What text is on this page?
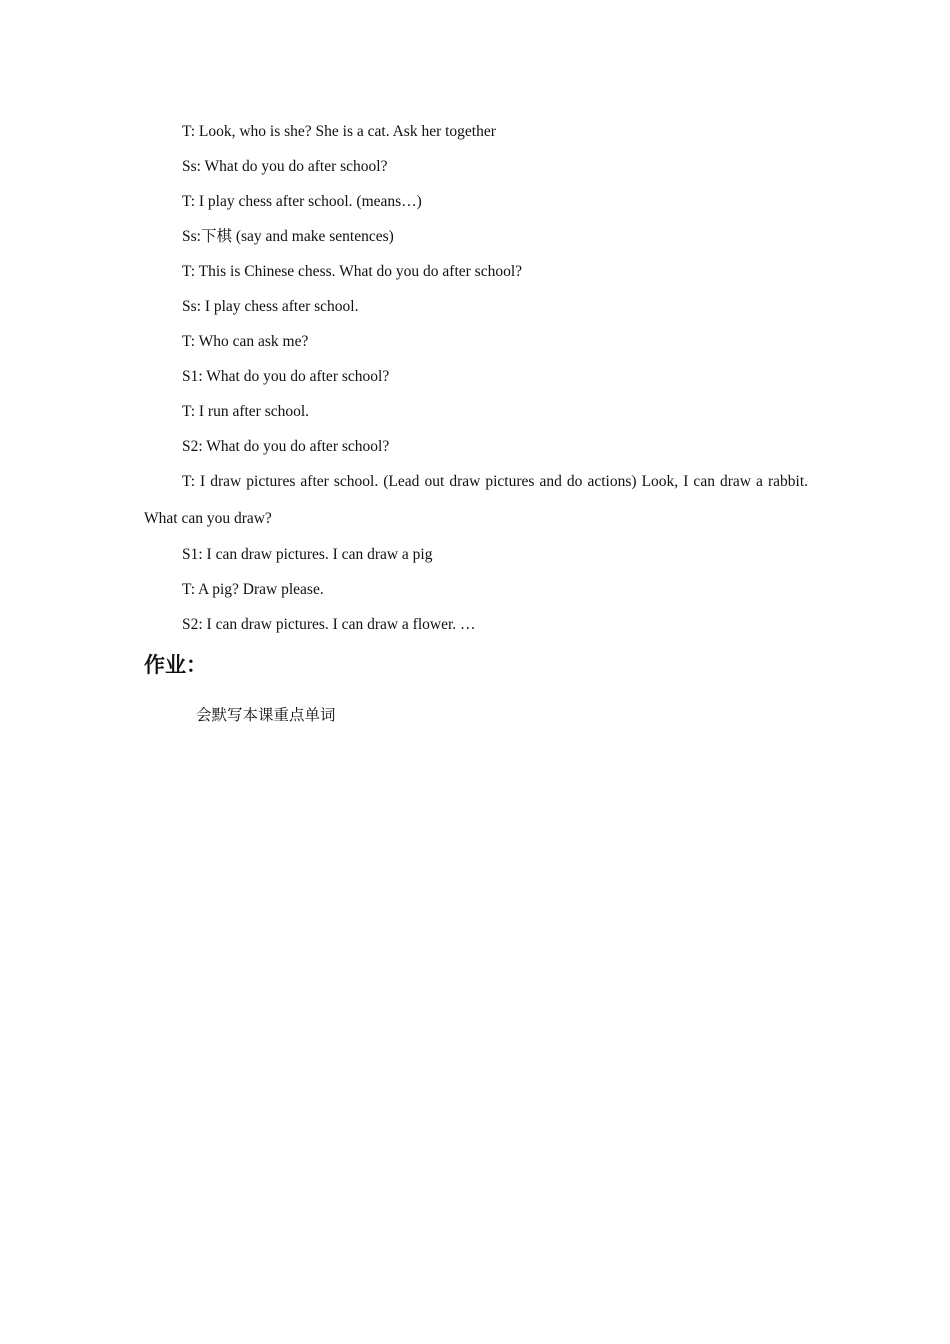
T: Look, who is she? She is a cat. Ask her together

Ss: What do you do after school?

T: I play chess after school. (means…)

Ss:下棋 (say and make sentences)

T: This is Chinese chess. What do you do after school?

Ss: I play chess after school.

T: Who can ask me?

S1: What do you do after school?

T: I run after school.

S2: What do you do after school?

T: I draw pictures after school. (Lead out draw pictures and do actions) Look, I can draw a rabbit. What can you draw?

S1: I can draw pictures. I can draw a pig

T: A pig? Draw please.

S2: I can draw pictures. I can draw a flower. …

作业：

会默写本课重点单词
